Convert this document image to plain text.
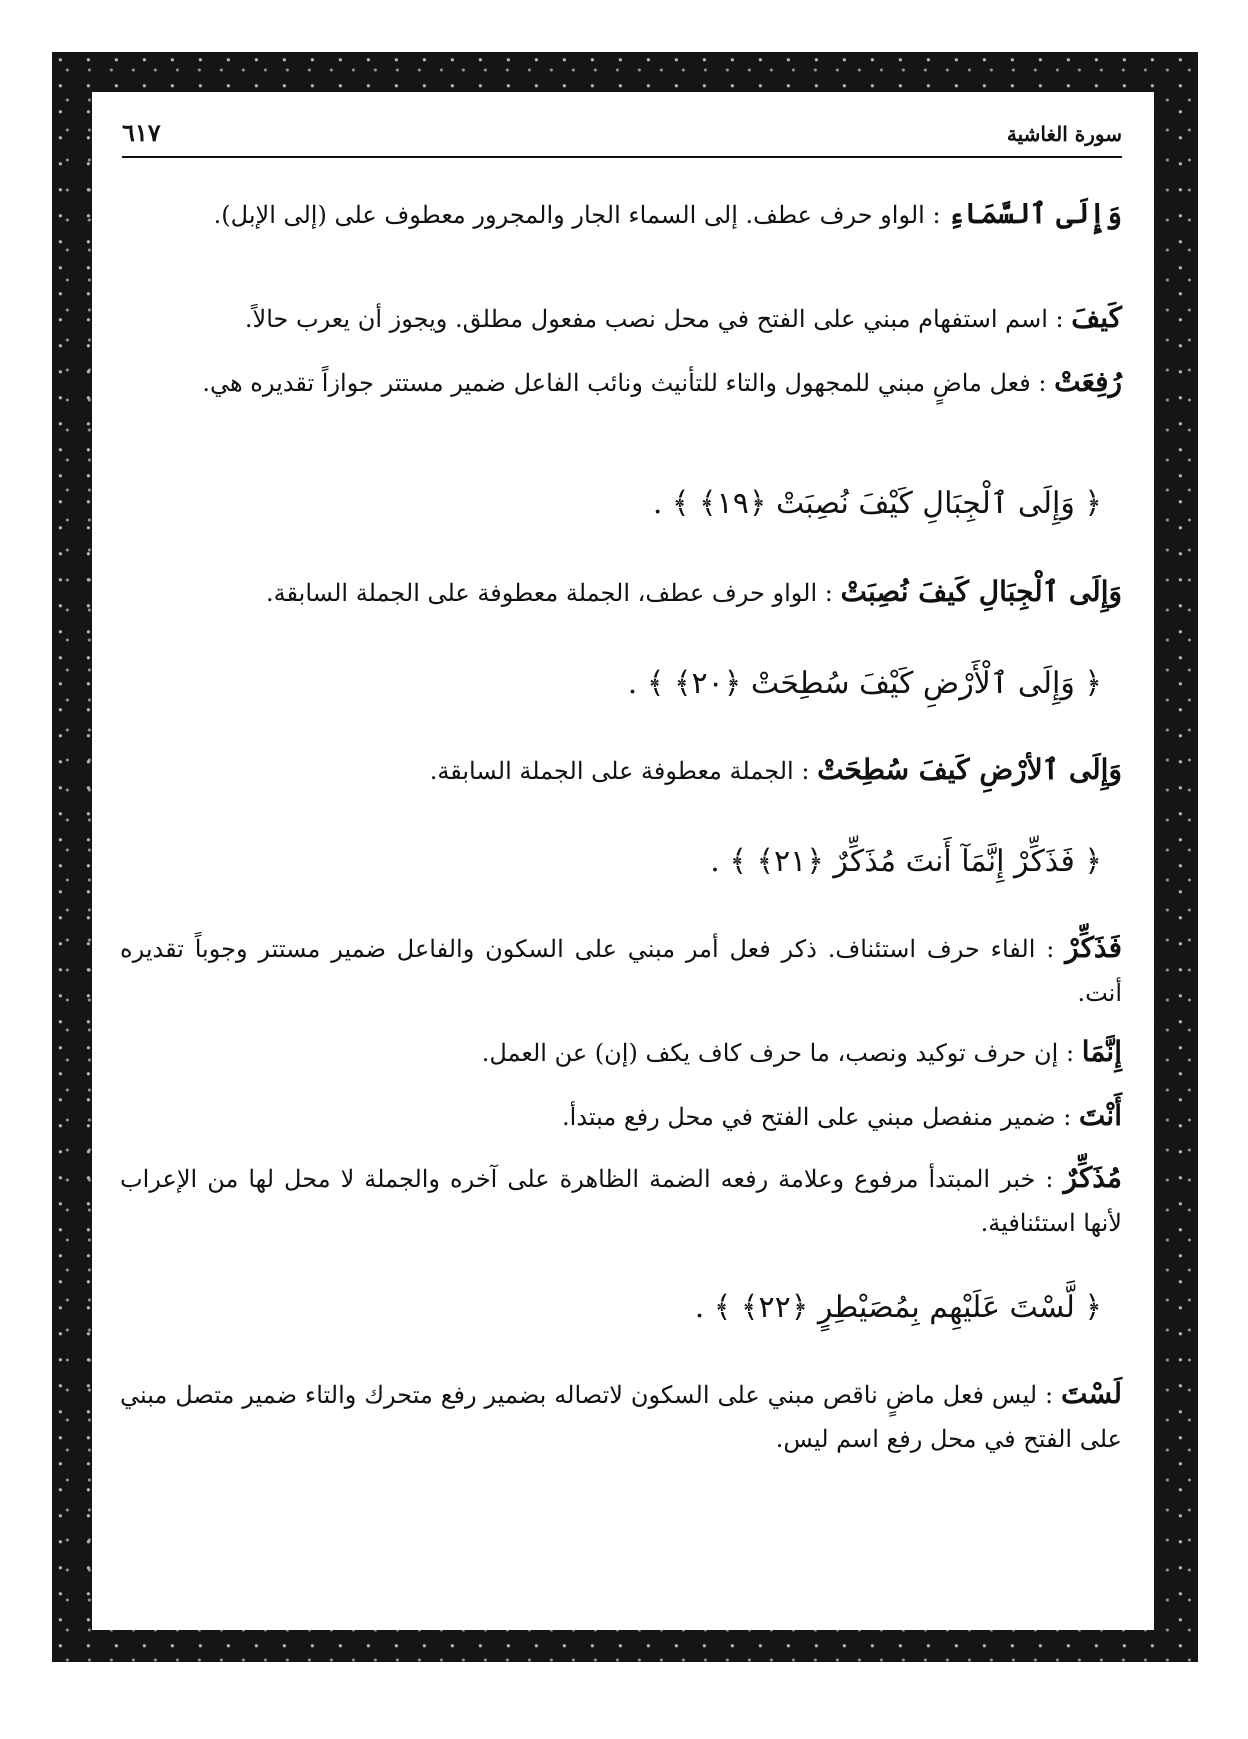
سورة الغاشية
٦١٧
وَإِلَى ٱلسَّمَاءِ : الواو حرف عطف. إلى السماء الجار والمجرور معطوف على (إلى الإبل).
كَيفَ : اسم استفهام مبني على الفتح في محل نصب مفعول مطلق. ويجوز أن يعرب حالاً.
رُفِعَتْ : فعل ماضٍ مبني للمجهول والتاء للتأنيث ونائب الفاعل ضمير مستتر جوازاً تقديره هي.
﴿ وَإِلَى ٱلْجِبَالِ كَيْفَ نُصِبَتْ ﴿١٩﴾ ﴾ .
وَإِلَى ٱلْجِبَالِ كَيفَ نُصِبَتْ : الواو حرف عطف، الجملة معطوفة على الجملة السابقة.
﴿ وَإِلَى ٱلْأَرْضِ كَيْفَ سُطِحَتْ ﴿٢٠﴾ ﴾ .
وَإِلَى ٱلأرْضِ كَيفَ سُطِحَتْ : الجملة معطوفة على الجملة السابقة.
﴿ فَذَكِّرْ إِنَّمَآ أَنتَ مُذَكِّرٌ ﴿٢١﴾ ﴾ .
فَذَكِّرْ : الفاء حرف استئناف. ذكر فعل أمر مبني على السكون والفاعل ضمير مستتر وجوباً تقديره أنت.
إِنَّمَا : إن حرف توكيد ونصب، ما حرف كاف يكف (إن) عن العمل.
أَنْتَ : ضمير منفصل مبني على الفتح في محل رفع مبتدأ.
مُذَكِّرٌ : خبر المبتدأ مرفوع وعلامة رفعه الضمة الظاهرة على آخره والجملة لا محل لها من الإعراب لأنها استئنافية.
﴿ لَّسْتَ عَلَيْهِم بِمُصَيْطِرٍ ﴿٢٢﴾ ﴾ .
لَسْتَ : ليس فعل ماضٍ ناقص مبني على السكون لاتصاله بضمير رفع متحرك والتاء ضمير متصل مبني على الفتح في محل رفع اسم ليس.
